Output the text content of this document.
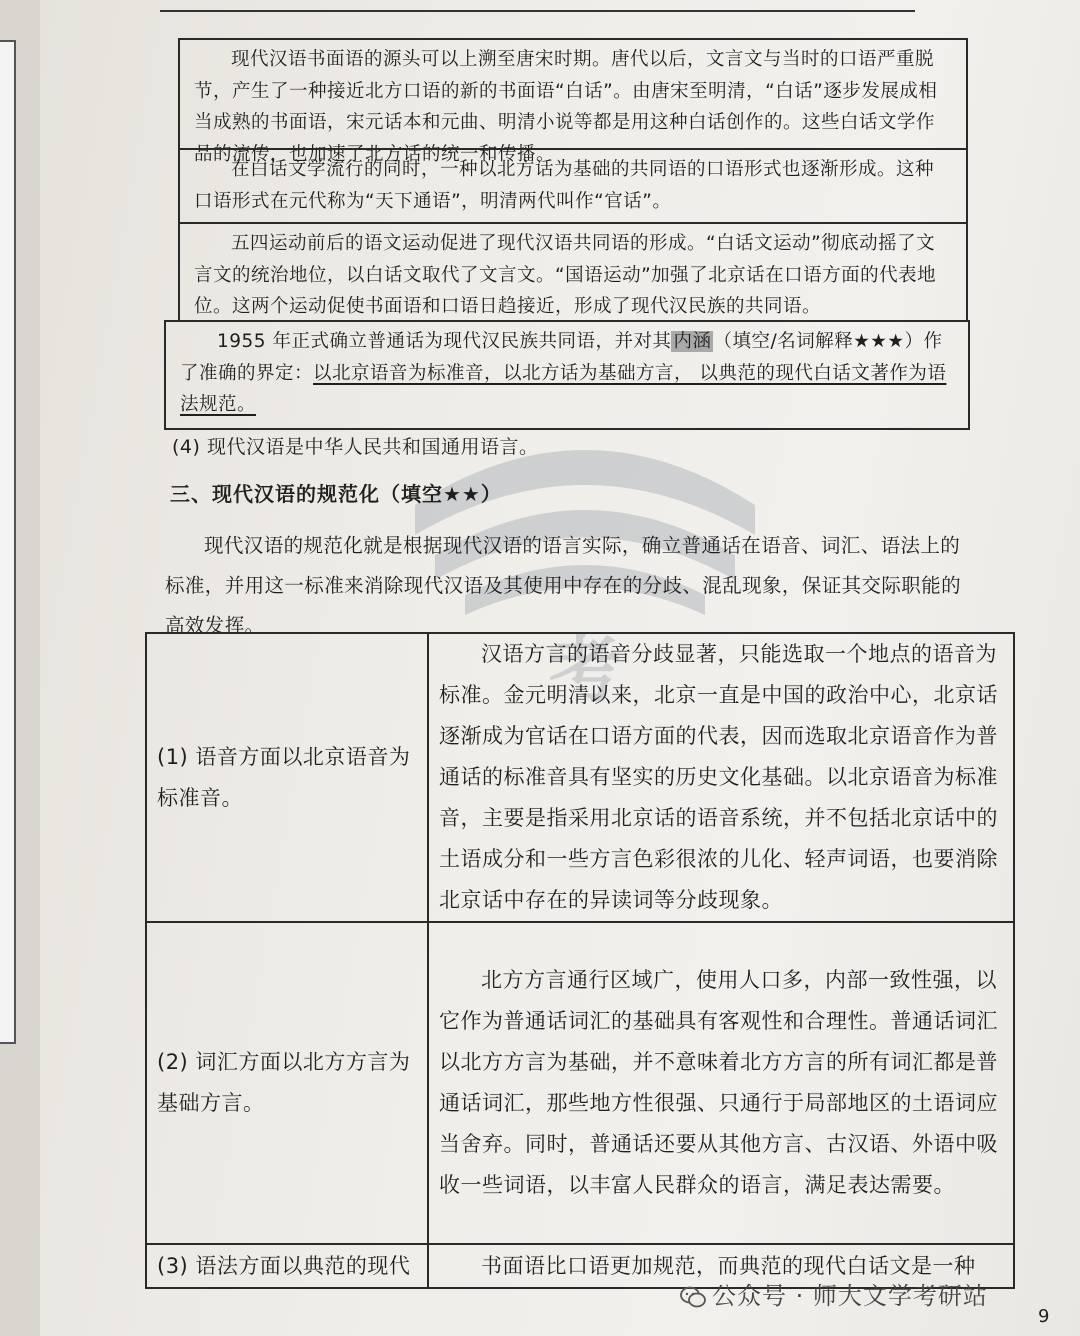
现代汉语书面语的源头可以上溯至唐宋时期。唐代以后，文言文与当时的口语严重脱节，产生了一种接近北方口语的新的书面语“白话”。由唐宋至明清，“白话”逐步发展成相当成熟的书面语，宋元话本和元曲、明清小说等都是用这种白话创作的。这些白话文学作品的流传，也加速了北方话的统一和传播。

在白话文学流行的同时，一种以北方话为基础的共同语的口语形式也逐渐形成。这种口语形式在元代称为“天下通语”，明清两代叫作“官话”。

五四运动前后的语文运动促进了现代汉语共同语的形成。“白话文运动”彻底动摇了文言文的统治地位，以白话文取代了文言文。“国语运动”加强了北京话在口语方面的代表地位。这两个运动促使书面语和口语日趋接近，形成了现代汉民族的共同语。

1955 年正式确立普通话为现代汉民族共同语，并对其 内涵 （填空/名词解释★★★）作了准确的界定：以北京语音为标准音，以北方话为基础方言， 以典范的现代白话文著作为语法规范。

(4) 现代汉语是中华人民共和国通用语言。
三、现代汉语的规范化（填空★★）

现代汉语的规范化就是根据现代汉语的语言实际，确立普通话在语音、词汇、语法上的标准，并用这一标准来消除现代汉语及其使用中存在的分歧、混乱现象，保证其交际职能的高效发挥。

(1) 语音方面以北京语音为标准音。	汉语方言的语音分歧显著，只能选取一个地点的语音为标准。金元明清以来，北京一直是中国的政治中心，北京话逐渐成为官话在口语方面的代表，因而选取北京语音作为普通话的标准音具有坚实的历史文化基础。以北京语音为标准音，主要是指采用北京话的语音系统，并不包括北京话中的土语成分和一些方言色彩很浓的儿化、轻声词语，也要消除北京话中存在的异读词等分歧现象。

(2) 词汇方面以北方方言为基础方言。	北方方言通行区域广，使用人口多，内部一致性强，以它作为普通话词汇的基础具有客观性和合理性。普通话词汇以北方方言为基础，并不意味着北方方言的所有词汇都是普通话词汇，那些地方性很强、只通行于局部地区的土语词应当舍弃。同时，普通话还要从其他方言、古汉语、外语中吸收一些词语，以丰富人民群众的语言，满足表达需要。

(3) 语法方面以典范的现代	书面语比口语更加规范，而典范的现代白话文是一种

公众号 · 师大文学考研站
9
